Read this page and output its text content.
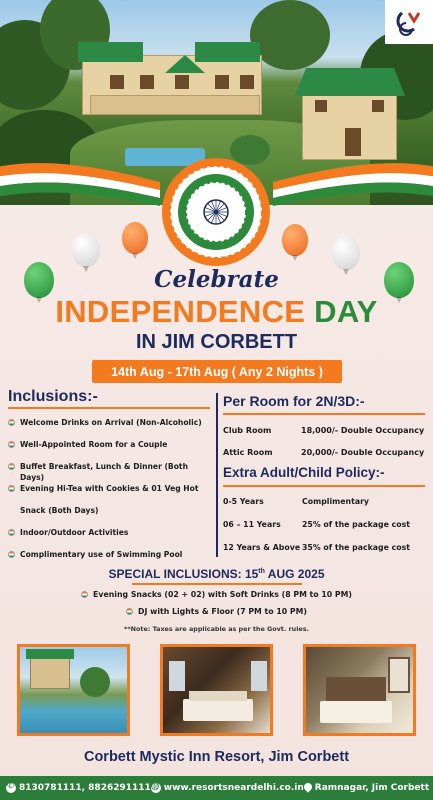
Celebrate
INDEPENDENCE DAY
IN JIM CORBETT
14th Aug - 17th Aug ( Any 2 Nights )
Inclusions:-
Welcome Drinks on Arrival (Non-Alcoholic)
Well-Appointed Room for a Couple
Buffet Breakfast, Lunch & Dinner (Both Days)
Evening Hi-Tea with Cookies & 01 Veg Hot
Snack (Both Days)
Indoor/Outdoor Activities
Complimentary use of Swimming Pool
Per Room for 2N/3D:-
Club Room	18,000/- Double Occupancy
Attic Room	20,000/- Double Occupancy
Extra Adult/Child Policy:-
0-5 Years	Complimentary
06 – 11 Years	25% of the package cost
12 Years & Above 35% of the package cost
SPECIAL INCLUSIONS: 15th AUG 2025
Evening Snacks (02 + 02) with Soft Drinks (8 PM to 10 PM)
DJ with Lights & Floor (7 PM to 10 PM)
**Note: Taxes are applicable as per the Govt. rules.
Corbett Mystic Inn Resort, Jim Corbett
✆
8130781111, 8826291111
◍ www.resortsneardelhi.co.in Ramnagar, Jim Corbett
